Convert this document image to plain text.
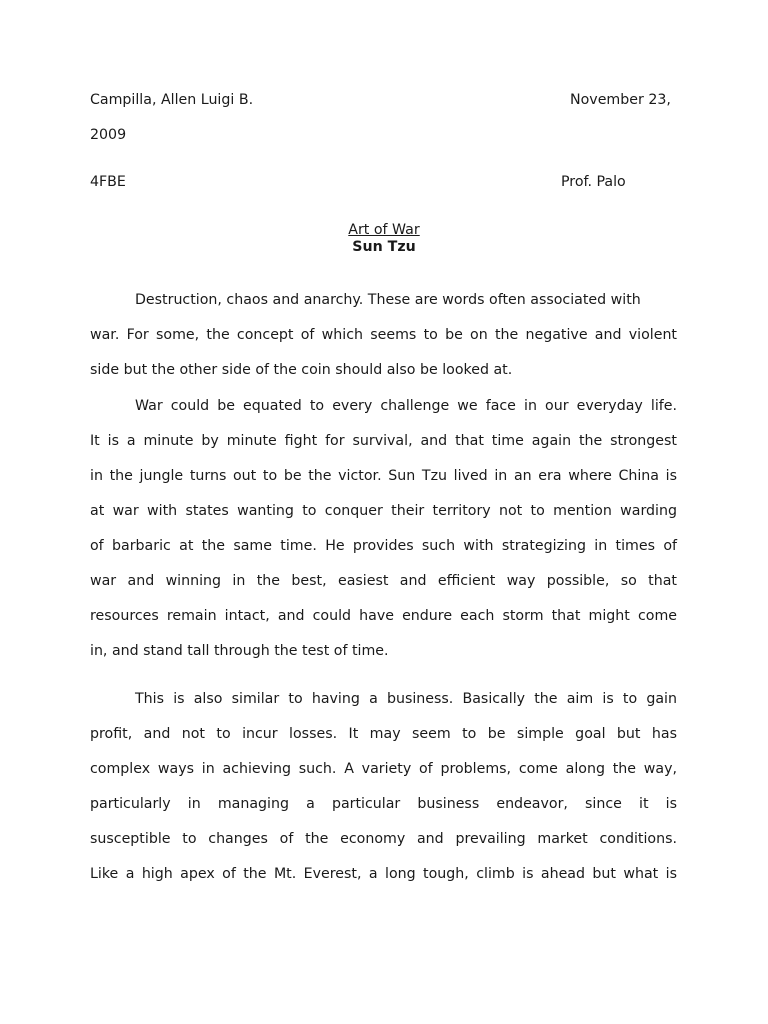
Campilla, Allen Luigi B.	November 23,
2009
4FBE	Prof. Palo
Art of War
Sun Tzu
Destruction, chaos and anarchy. These are words often associated with
war. For some, the concept of which seems to be on the negative and violent
side but the other side of the coin should also be looked at.
War could be equated to every challenge we face in our everyday life.
It is a minute by minute fight for survival, and that time again the strongest
in the jungle turns out to be the victor. Sun Tzu lived in an era where China is
at war with states wanting to conquer their territory not to mention warding
of barbaric at the same time. He provides such with strategizing in times of
war and winning in the best, easiest and efficient way possible, so that
resources remain intact, and could have endure each storm that might come
in, and stand tall through the test of time.
This is also similar to having a business. Basically the aim is to gain
profit, and not to incur losses. It may seem to be simple goal but has
complex ways in achieving such. A variety of problems, come along the way,
particularly in managing a particular business endeavor, since it is
susceptible to changes of the economy and prevailing market conditions.
Like a high apex of the Mt. Everest, a long tough, climb is ahead but what is
